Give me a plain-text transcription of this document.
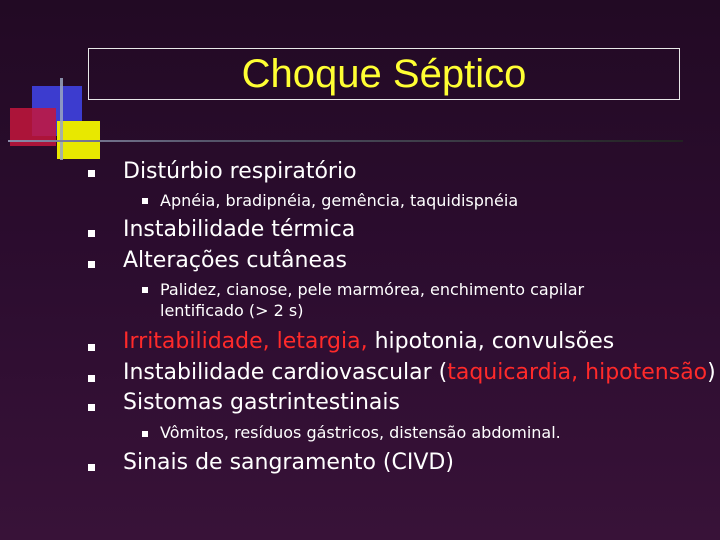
Choque Séptico
Distúrbio respiratório
Apnéia, bradipnéia, gemência, taquidispnéia
Instabilidade térmica
Alterações cutâneas
Palidez, cianose, pele marmórea, enchimento capilar
lentificado (> 2 s)
Irritabilidade, letargia, hipotonia, convulsões
Instabilidade cardiovascular (taquicardia, hipotensão)
Sistomas gastrintestinais
Vômitos, resíduos gástricos, distensão abdominal.
Sinais de sangramento (CIVD)
